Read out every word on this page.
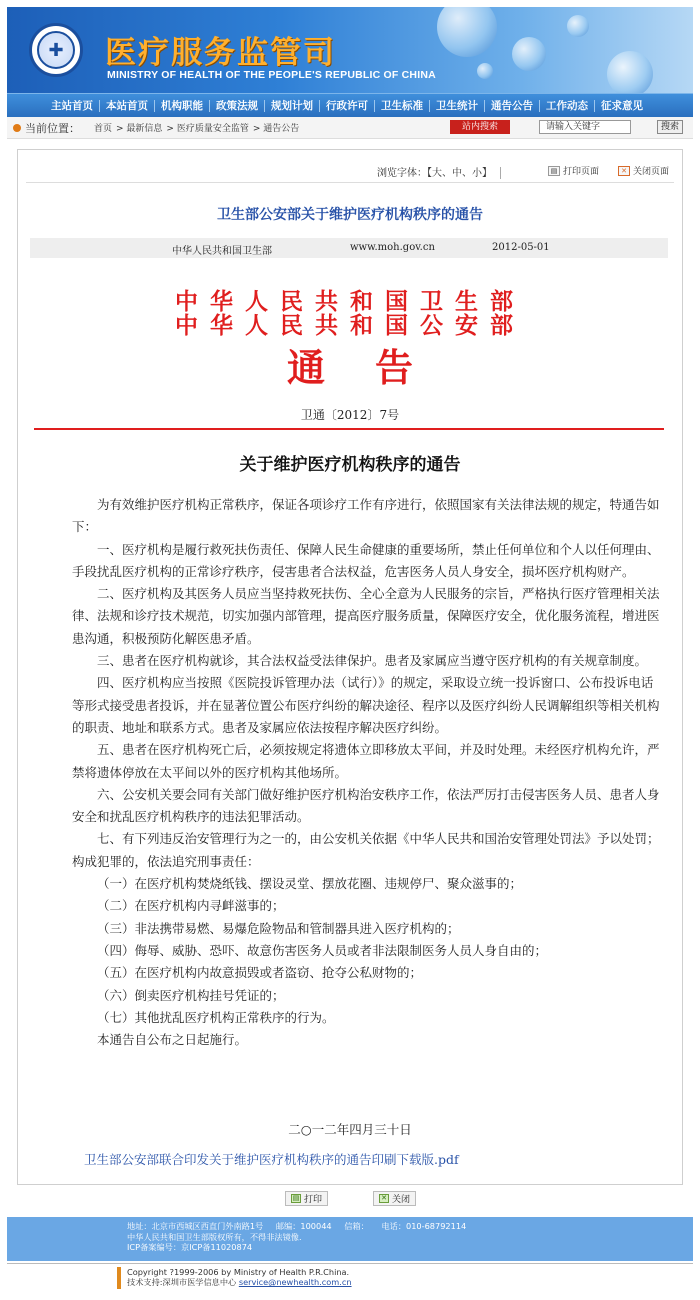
✚	医疗服务监管司
MINISTRY OF HEALTH OF THE PEOPLE'S REPUBLIC OF CHINA
主站首页	本站首页	机构职能	政策法规	规划计划	行政许可	卫生标准	卫生统计	通告公告	工作动态	征求意见
当前位置： 首页 > 最新信息 > 医疗质量安全监管 > 通告公告	站内搜索	请输入关键字	搜索
浏览字体：【大、中、小】	▤ 打印页面	✕ 关闭页面
卫生部公安部关于维护医疗机构秩序的通告
中华人民共和国卫生部	www.moh.gov.cn	2012-05-01
中华人民共和国卫生部
中华人民共和国公安部
通告
卫通〔2012〕7号
关于维护医疗机构秩序的通告

为有效维护医疗机构正常秩序，保证各项诊疗工作有序进行，依照国家有关法律法规的规定，特通告如下：

一、医疗机构是履行救死扶伤责任、保障人民生命健康的重要场所，禁止任何单位和个人以任何理由、手段扰乱医疗机构的正常诊疗秩序，侵害患者合法权益，危害医务人员人身安全，损坏医疗机构财产。

二、医疗机构及其医务人员应当坚持救死扶伤、全心全意为人民服务的宗旨，严格执行医疗管理相关法律、法规和诊疗技术规范，切实加强内部管理，提高医疗服务质量，保障医疗安全，优化服务流程，增进医患沟通，积极预防化解医患矛盾。

三、患者在医疗机构就诊，其合法权益受法律保护。患者及家属应当遵守医疗机构的有关规章制度。

四、医疗机构应当按照《医院投诉管理办法（试行）》的规定，采取设立统一投诉窗口、公布投诉电话等形式接受患者投诉，并在显著位置公布医疗纠纷的解决途径、程序以及医疗纠纷人民调解组织等相关机构的职责、地址和联系方式。患者及家属应依法按程序解决医疗纠纷。

五、患者在医疗机构死亡后，必须按规定将遗体立即移放太平间，并及时处理。未经医疗机构允许，严禁将遗体停放在太平间以外的医疗机构其他场所。

六、公安机关要会同有关部门做好维护医疗机构治安秩序工作，依法严厉打击侵害医务人员、患者人身安全和扰乱医疗机构秩序的违法犯罪活动。

七、有下列违反治安管理行为之一的，由公安机关依据《中华人民共和国治安管理处罚法》予以处罚；构成犯罪的，依法追究刑事责任：

（一）在医疗机构焚烧纸钱、摆设灵堂、摆放花圈、违规停尸、聚众滋事的；

（二）在医疗机构内寻衅滋事的；

（三）非法携带易燃、易爆危险物品和管制器具进入医疗机构的；

（四）侮辱、威胁、恐吓、故意伤害医务人员或者非法限制医务人员人身自由的；

（五）在医疗机构内故意损毁或者盗窃、抢夺公私财物的；

（六）倒卖医疗机构挂号凭证的；

（七）其他扰乱医疗机构正常秩序的行为。

本通告自公布之日起施行。

二○一二年四月三十日
卫生部公安部联合印发关于维护医疗机构秩序的通告印刷下载版.pdf
▤ 打印	✕ 关闭
地址：北京市西城区西直门外南路1号 邮编：100044 信箱： 电话：010-68792114
中华人民共和国卫生部版权所有，不得非法镜像.
ICP备案编号：京ICP备11020874
Copyright ?1999-2006 by Ministry of Health P.R.China.
技术支持:深圳市医学信息中心 service@newhealth.com.cn
